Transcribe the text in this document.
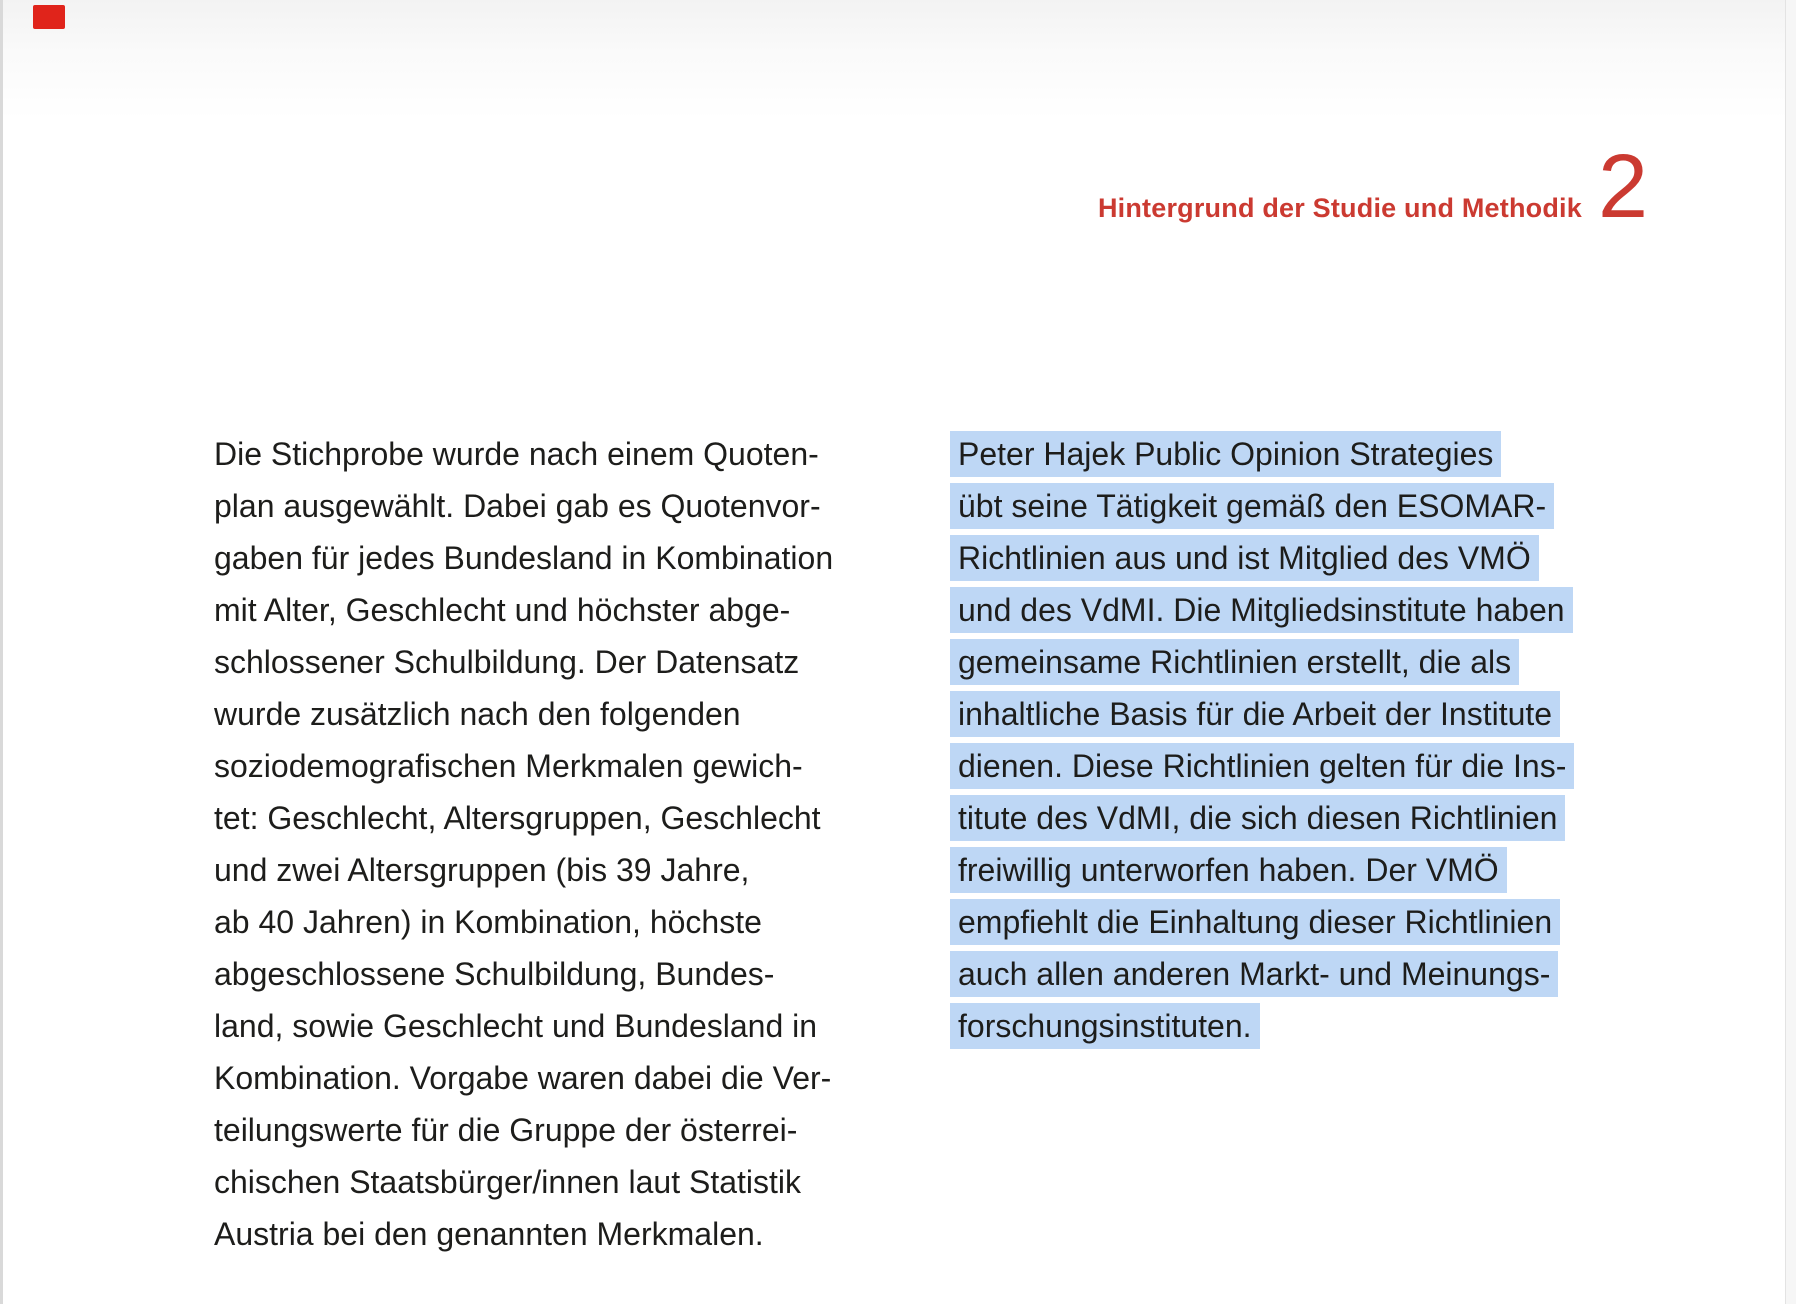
Hintergrund der Studie und Methodik 2
Die Stichprobe wurde nach einem Quoten-
plan ausgewählt. Dabei gab es Quotenvor-
gaben für jedes Bundesland in Kombination
mit Alter, Geschlecht und höchster abge-
schlossener Schulbildung. Der Datensatz
wurde zusätzlich nach den folgenden
soziodemografischen Merkmalen gewich-
tet: Geschlecht, Altersgruppen, Geschlecht
und zwei Altersgruppen (bis 39 Jahre,
ab 40 Jahren) in Kombination, höchste
abgeschlossene Schulbildung, Bundes-
land, sowie Geschlecht und Bundesland in
Kombination. Vorgabe waren dabei die Ver-
teilungswerte für die Gruppe der österrei-
chischen Staatsbürger/innen laut Statistik
Austria bei den genannten Merkmalen.
Peter Hajek Public Opinion Strategies
übt seine Tätigkeit gemäß den ESOMAR-
Richtlinien aus und ist Mitglied des VMÖ
und des VdMI. Die Mitgliedsinstitute haben
gemeinsame Richtlinien erstellt, die als
inhaltliche Basis für die Arbeit der Institute
dienen. Diese Richtlinien gelten für die Ins-
titute des VdMI, die sich diesen Richtlinien
freiwillig unterworfen haben. Der VMÖ
empfiehlt die Einhaltung dieser Richtlinien
auch allen anderen Markt- und Meinungs-
forschungsinstituten.
